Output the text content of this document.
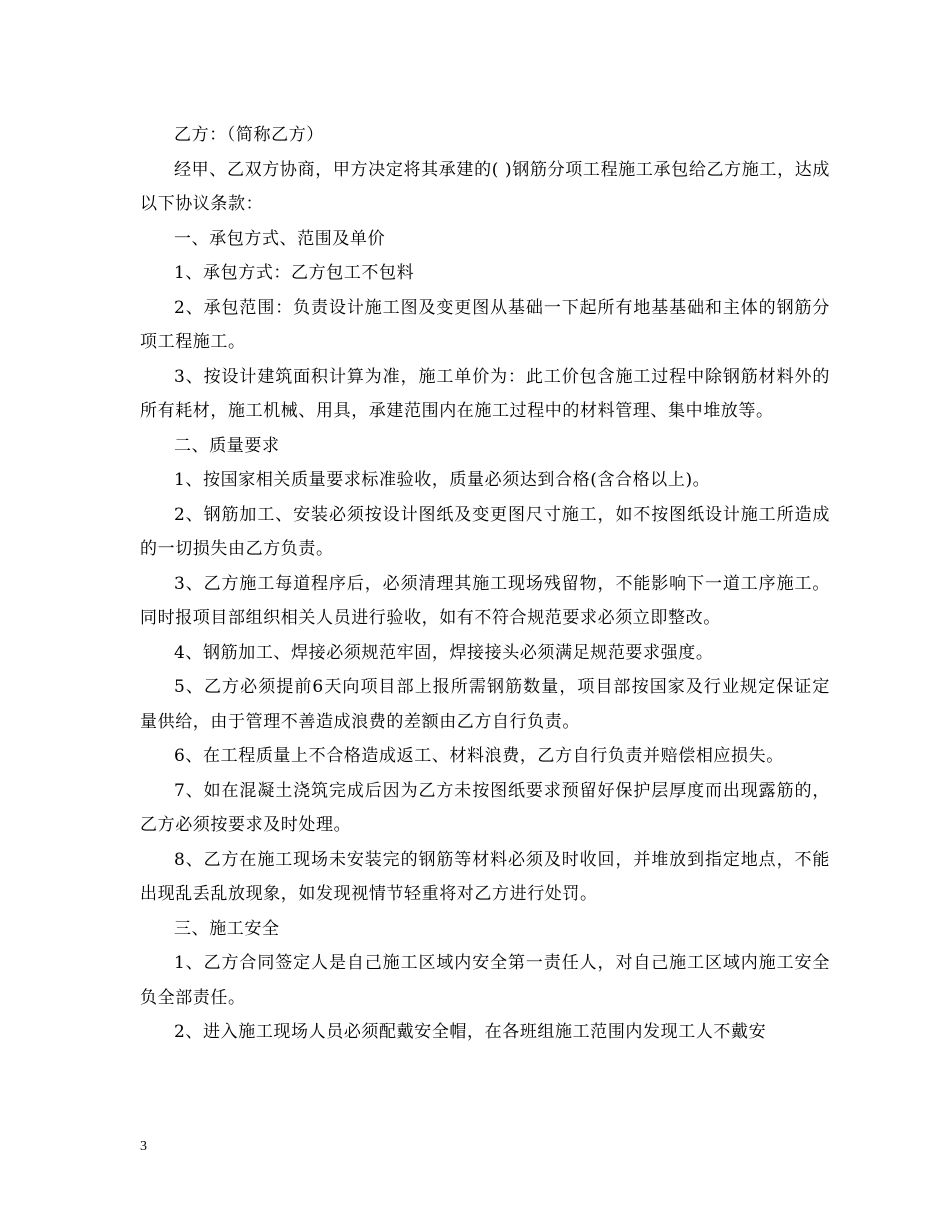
乙方：（简称乙方）

经甲、乙双方协商，甲方决定将其承建的( )钢筋分项工程施工承包给乙方施工，达成以下协议条款：

一、承包方式、范围及单价

1、承包方式：乙方包工不包料

2、承包范围：负责设计施工图及变更图从基础一下起所有地基基础和主体的钢筋分项工程施工。

3、按设计建筑面积计算为准，施工单价为：此工价包含施工过程中除钢筋材料外的所有耗材，施工机械、用具，承建范围内在施工过程中的材料管理、集中堆放等。

二、质量要求

1、按国家相关质量要求标准验收，质量必须达到合格(含合格以上)。

2、钢筋加工、安装必须按设计图纸及变更图尺寸施工，如不按图纸设计施工所造成的一切损失由乙方负责。

3、乙方施工每道程序后，必须清理其施工现场残留物，不能影响下一道工序施工。同时报项目部组织相关人员进行验收，如有不符合规范要求必须立即整改。

4、钢筋加工、焊接必须规范牢固，焊接接头必须满足规范要求强度。

5、乙方必须提前6天向项目部上报所需钢筋数量，项目部按国家及行业规定保证定量供给，由于管理不善造成浪费的差额由乙方自行负责。

6、在工程质量上不合格造成返工、材料浪费，乙方自行负责并赔偿相应损失。

7、如在混凝土浇筑完成后因为乙方未按图纸要求预留好保护层厚度而出现露筋的，乙方必须按要求及时处理。

8、乙方在施工现场未安装完的钢筋等材料必须及时收回，并堆放到指定地点，不能出现乱丢乱放现象，如发现视情节轻重将对乙方进行处罚。

三、施工安全

1、乙方合同签定人是自己施工区域内安全第一责任人，对自己施工区域内施工安全负全部责任。

2、进入施工现场人员必须配戴安全帽，在各班组施工范围内发现工人不戴安

3
